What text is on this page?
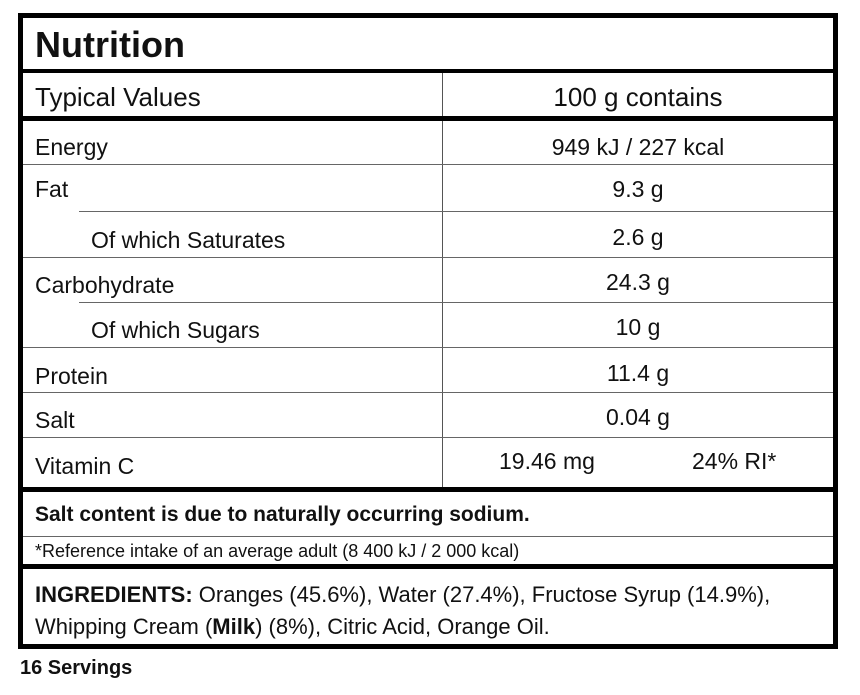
Nutrition
Typical Values	100 g contains
Energy	949 kJ / 227 kcal
Fat	9.3 g
Of which Saturates	2.6 g
Carbohydrate	24.3 g
Of which Sugars	10 g
Protein	11.4 g
Salt	0.04 g
Vitamin C	19.46 mg	24% RI*
Salt content is due to naturally occurring sodium.
*Reference intake of an average adult (8 400 kJ / 2 000 kcal)
INGREDIENTS: Oranges (45.6%), Water (27.4%), Fructose Syrup (14.9%), Whipping Cream (Milk) (8%), Citric Acid, Orange Oil.
16 Servings
